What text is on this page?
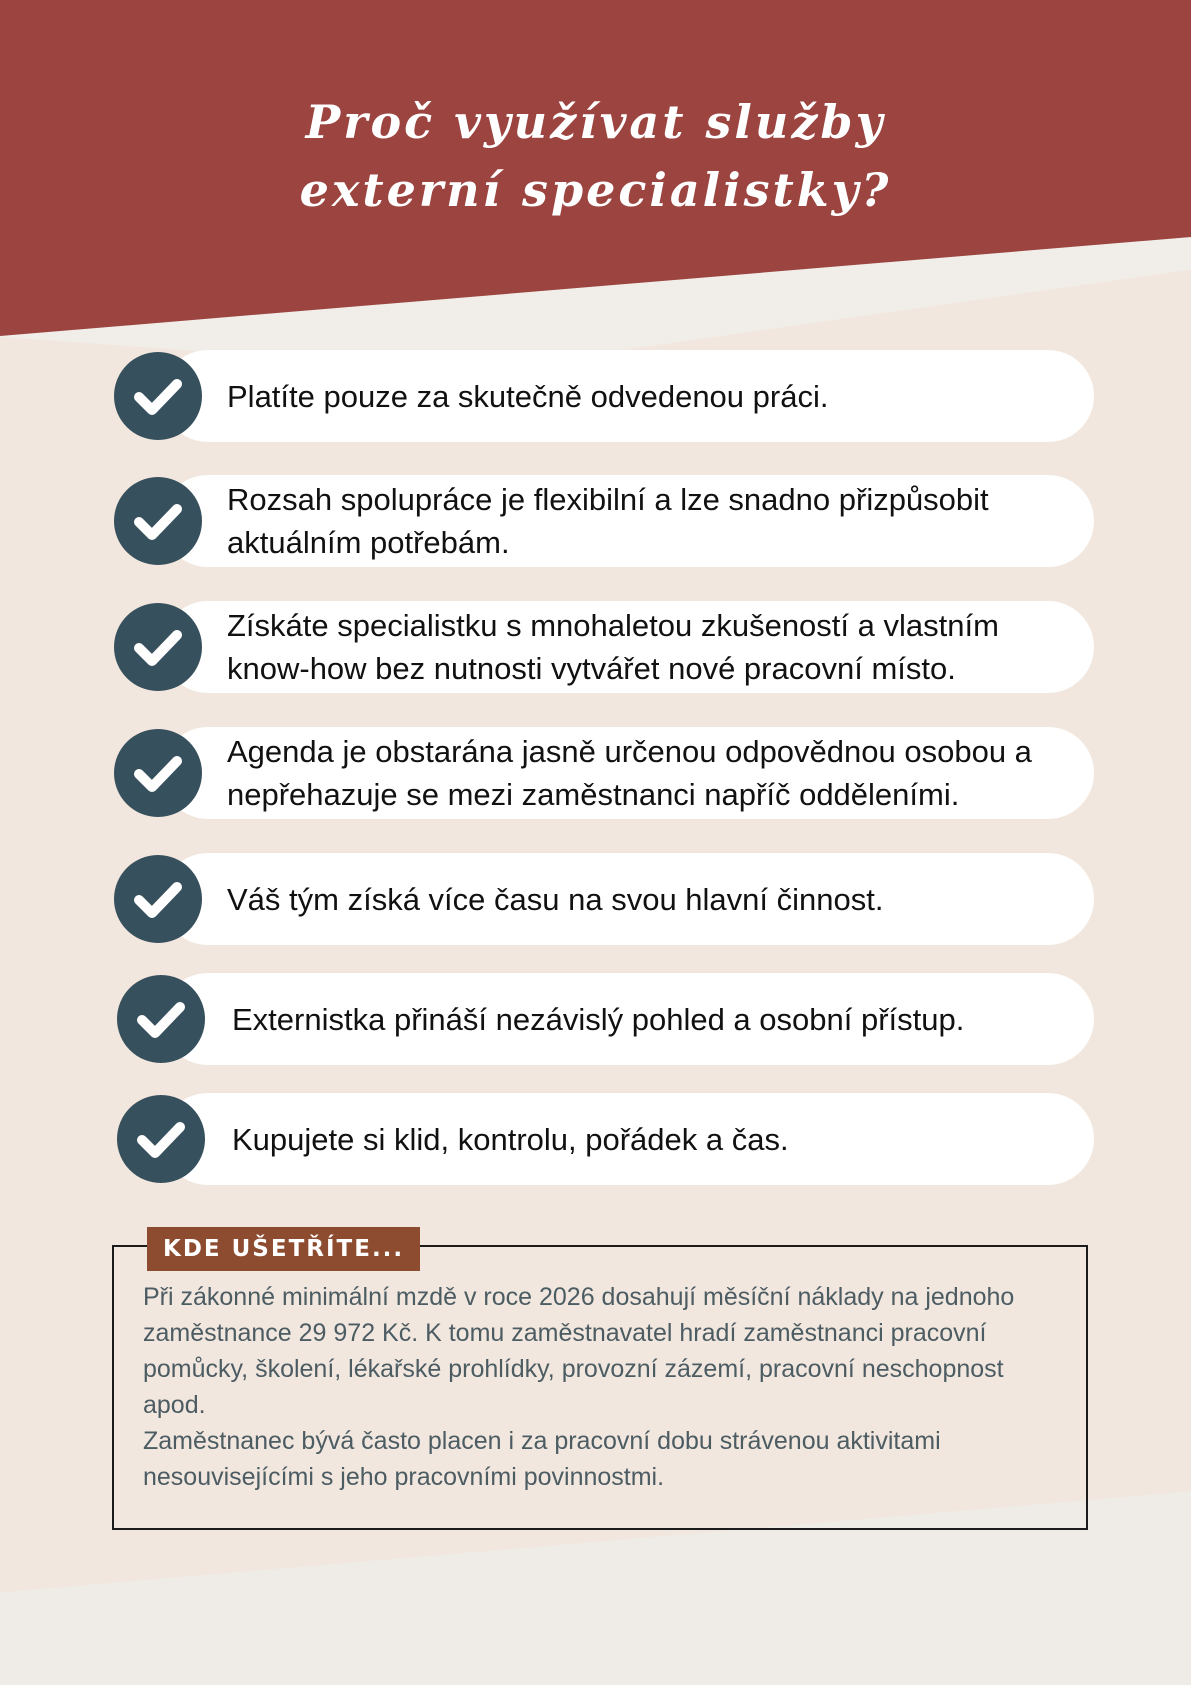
Proč využívat služby
externí specialistky?
Platíte pouze za skutečně odvedenou práci.
Rozsah spolupráce je flexibilní a lze snadno přizpůsobit aktuálním potřebám.
Získáte specialistku s mnohaletou zkušeností a vlastním know-how bez nutnosti vytvářet nové pracovní místo.
Agenda je obstarána jasně určenou odpovědnou osobou a nepřehazuje se mezi zaměstnanci napříč odděleními.
Váš tým získá více času na svou hlavní činnost.
Externistka přináší nezávislý pohled a osobní přístup.
Kupujete si klid, kontrolu, pořádek a čas.
KDE UŠETŘÍTE...

Při zákonné minimální mzdě v roce 2026 dosahují měsíční náklady na jednoho zaměstnance 29 972 Kč. K tomu zaměstnavatel hradí zaměstnanci pracovní pomůcky, školení, lékařské prohlídky, provozní zázemí, pracovní neschopnost apod.

Zaměstnanec bývá často placen i za pracovní dobu strávenou aktivitami nesouvisejícími s jeho pracovními povinnostmi.
